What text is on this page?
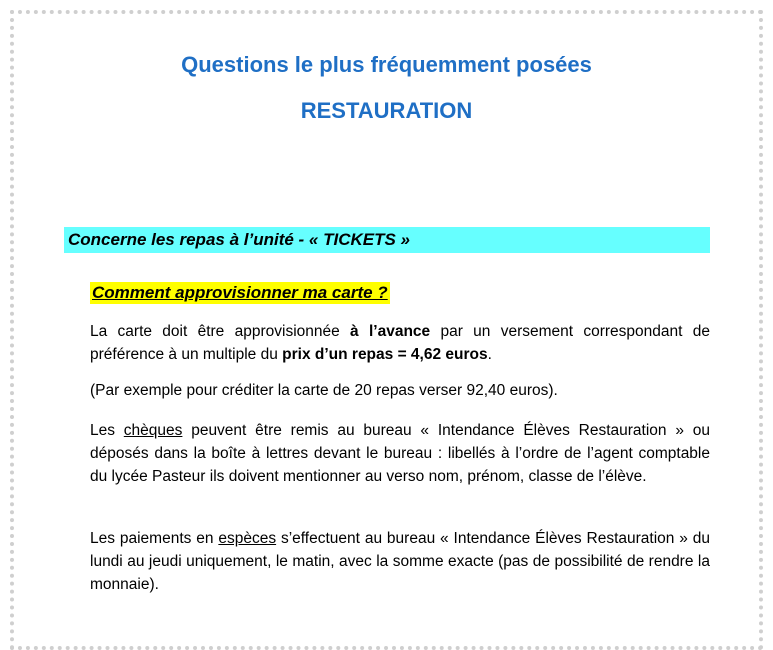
Questions le plus fréquemment posées
RESTAURATION
Concerne les repas à l’unité - « TICKETS »
Comment approvisionner ma carte ?
La carte doit être approvisionnée à l’avance par un versement correspondant de préférence à un multiple du prix d’un repas = 4,62 euros.
(Par exemple pour créditer la carte de 20 repas verser 92,40 euros).
Les chèques peuvent être remis au bureau « Intendance Élèves Restauration » ou déposés dans la boîte à lettres devant le bureau : libellés à l’ordre de l’agent comptable du lycée Pasteur ils doivent mentionner au verso nom, prénom, classe de l’élève.
Les paiements en espèces s’effectuent au bureau « Intendance Élèves Restauration » du lundi au jeudi uniquement, le matin, avec la somme exacte (pas de possibilité de rendre la monnaie).
